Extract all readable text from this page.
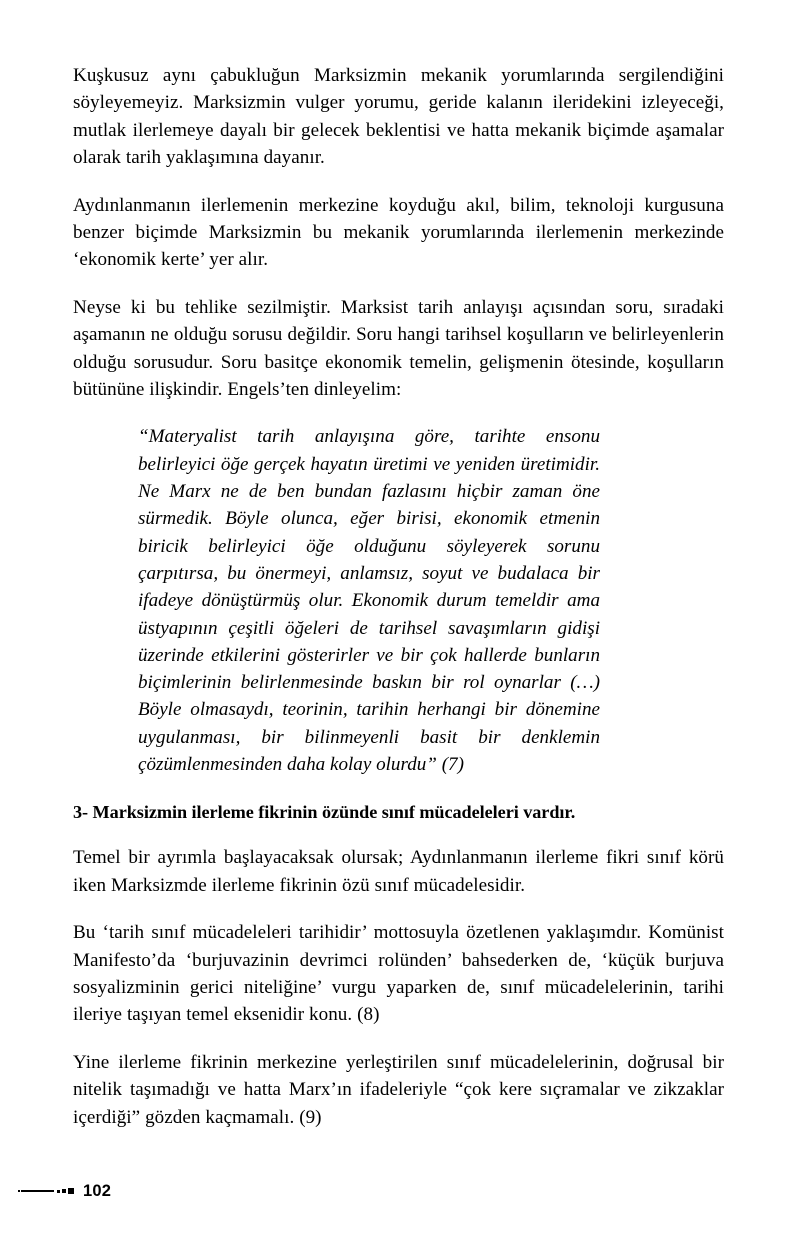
Kuşkusuz aynı çabukluğun Marksizmin mekanik yorumlarında sergilendiğini söyleyemeyiz. Marksizmin vulger yorumu, geride kalanın ileridekini izleyeceği, mutlak ilerlemeye dayalı bir gelecek beklentisi ve hatta mekanik biçimde aşamalar olarak tarih yaklaşımına dayanır.

Aydınlanmanın ilerlemenin merkezine koyduğu akıl, bilim, teknoloji kurgusuna benzer biçimde Marksizmin bu mekanik yorumlarında ilerlemenin merkezinde ‘ekonomik kerte’ yer alır.

Neyse ki bu tehlike sezilmiştir. Marksist tarih anlayışı açısından soru, sıradaki aşamanın ne olduğu sorusu değildir. Soru hangi tarihsel koşulların ve belirleyenlerin olduğu sorusudur. Soru basitçe ekonomik temelin, gelişmenin ötesinde, koşulların bütününe ilişkindir. Engels’ten dinleyelim:

“Materyalist tarih anlayışına göre, tarihte ensonu belirleyici öğe gerçek hayatın üretimi ve yeniden üretimidir. Ne Marx ne de ben bundan fazlasını hiçbir zaman öne sürmedik. Böyle olunca, eğer birisi, ekonomik etmenin biricik belirleyici öğe olduğunu söyleyerek sorunu çarpıtırsa, bu önermeyi, anlamsız, soyut ve budalaca bir ifadeye dönüştürmüş olur. Ekonomik durum temeldir ama üstyapının çeşitli öğeleri de tarihsel savaşımların gidişi üzerinde etkilerini gösterirler ve bir çok hallerde bunların biçimlerinin belirlenmesinde baskın bir rol oynarlar (…) Böyle olmasaydı, teorinin, tarihin herhangi bir dönemine uygulanması, bir bilinmeyenli basit bir denklemin çözümlenmesinden daha kolay olurdu” (7)

3- Marksizmin ilerleme fikrinin özünde sınıf mücadeleleri vardır.

Temel bir ayrımla başlayacaksak olursak; Aydınlanmanın ilerleme fikri sınıf körü iken Marksizmde ilerleme fikrinin özü sınıf mücadelesidir.

Bu ‘tarih sınıf mücadeleleri tarihidir’ mottosuyla özetlenen yaklaşımdır. Komünist Manifesto’da ‘burjuvazinin devrimci rolünden’ bahsederken de, ‘küçük burjuva sosyalizminin gerici niteliğine’ vurgu yaparken de, sınıf mücadelelerinin, tarihi ileriye taşıyan temel eksenidir konu. (8)

Yine ilerleme fikrinin merkezine yerleştirilen sınıf mücadelelerinin, doğrusal bir nitelik taşımadığı ve hatta Marx’ın ifadeleriyle “çok kere sıçramalar ve zikzaklar içerdiği” gözden kaçmamalı. (9)

102
